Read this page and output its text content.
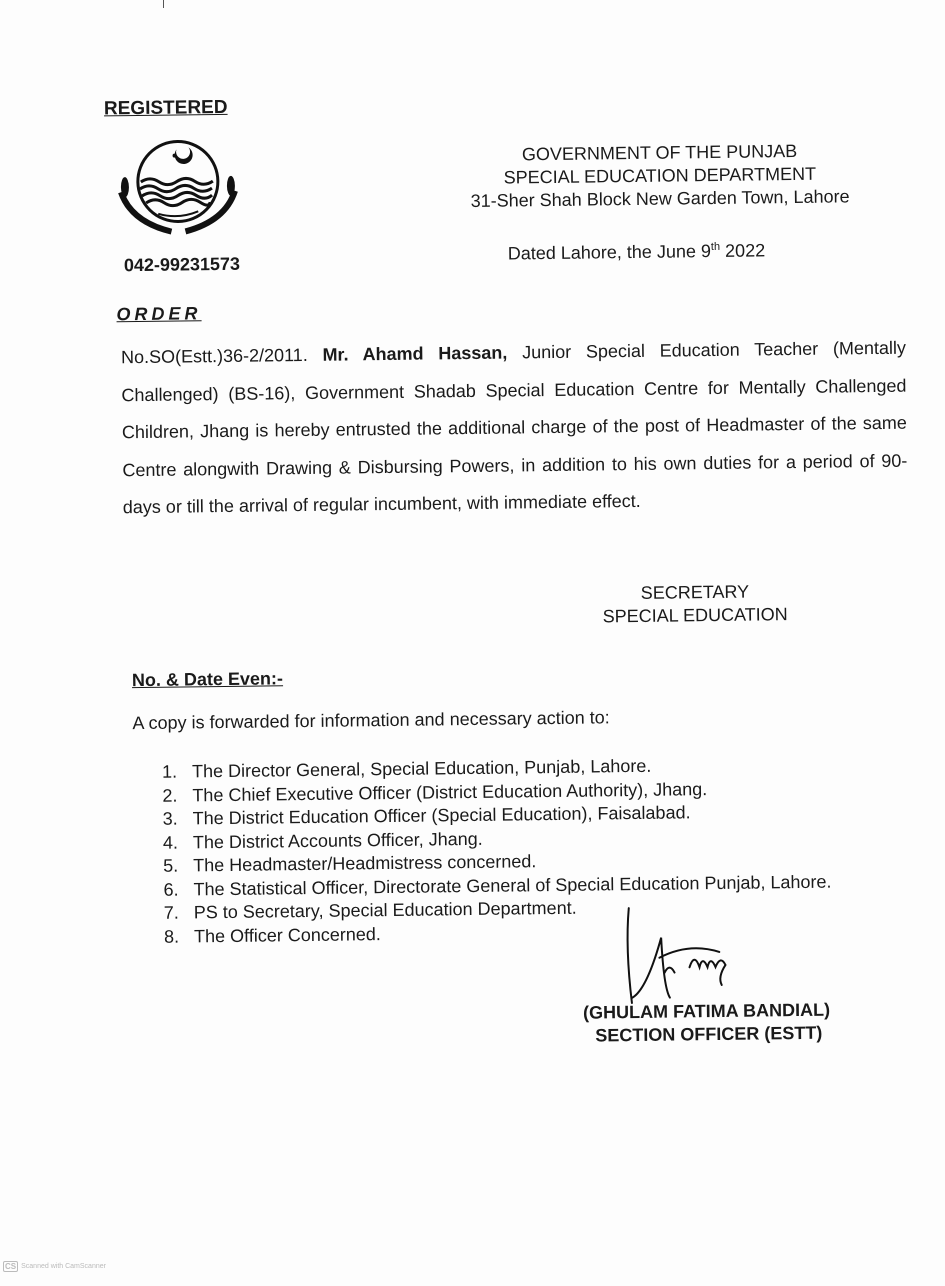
REGISTERED
GOVERNMENT OF THE PUNJAB
SPECIAL EDUCATION DEPARTMENT
31-Sher Shah Block New Garden Town, Lahore
042-99231573
Dated Lahore, the June 9th 2022
ORDER
No.SO(Estt.)36-2/2011. Mr. Ahamd Hassan, Junior Special Education Teacher (Mentally Challenged) (BS-16), Government Shadab Special Education Centre for Mentally Challenged Children, Jhang is hereby entrusted the additional charge of the post of Headmaster of the same Centre alongwith Drawing & Disbursing Powers, in addition to his own duties for a period of 90-days or till the arrival of regular incumbent, with immediate effect.
SECRETARY
SPECIAL EDUCATION
No. & Date Even:-
A copy is forwarded for information and necessary action to:
1. The Director General, Special Education, Punjab, Lahore.
2. The Chief Executive Officer (District Education Authority), Jhang.
3. The District Education Officer (Special Education), Faisalabad.
4. The District Accounts Officer, Jhang.
5. The Headmaster/Headmistress concerned.
6. The Statistical Officer, Directorate General of Special Education Punjab, Lahore.
7. PS to Secretary, Special Education Department.
8. The Officer Concerned.
(GHULAM FATIMA BANDIAL)
SECTION OFFICER (ESTT)
CS Scanned with CamScanner
